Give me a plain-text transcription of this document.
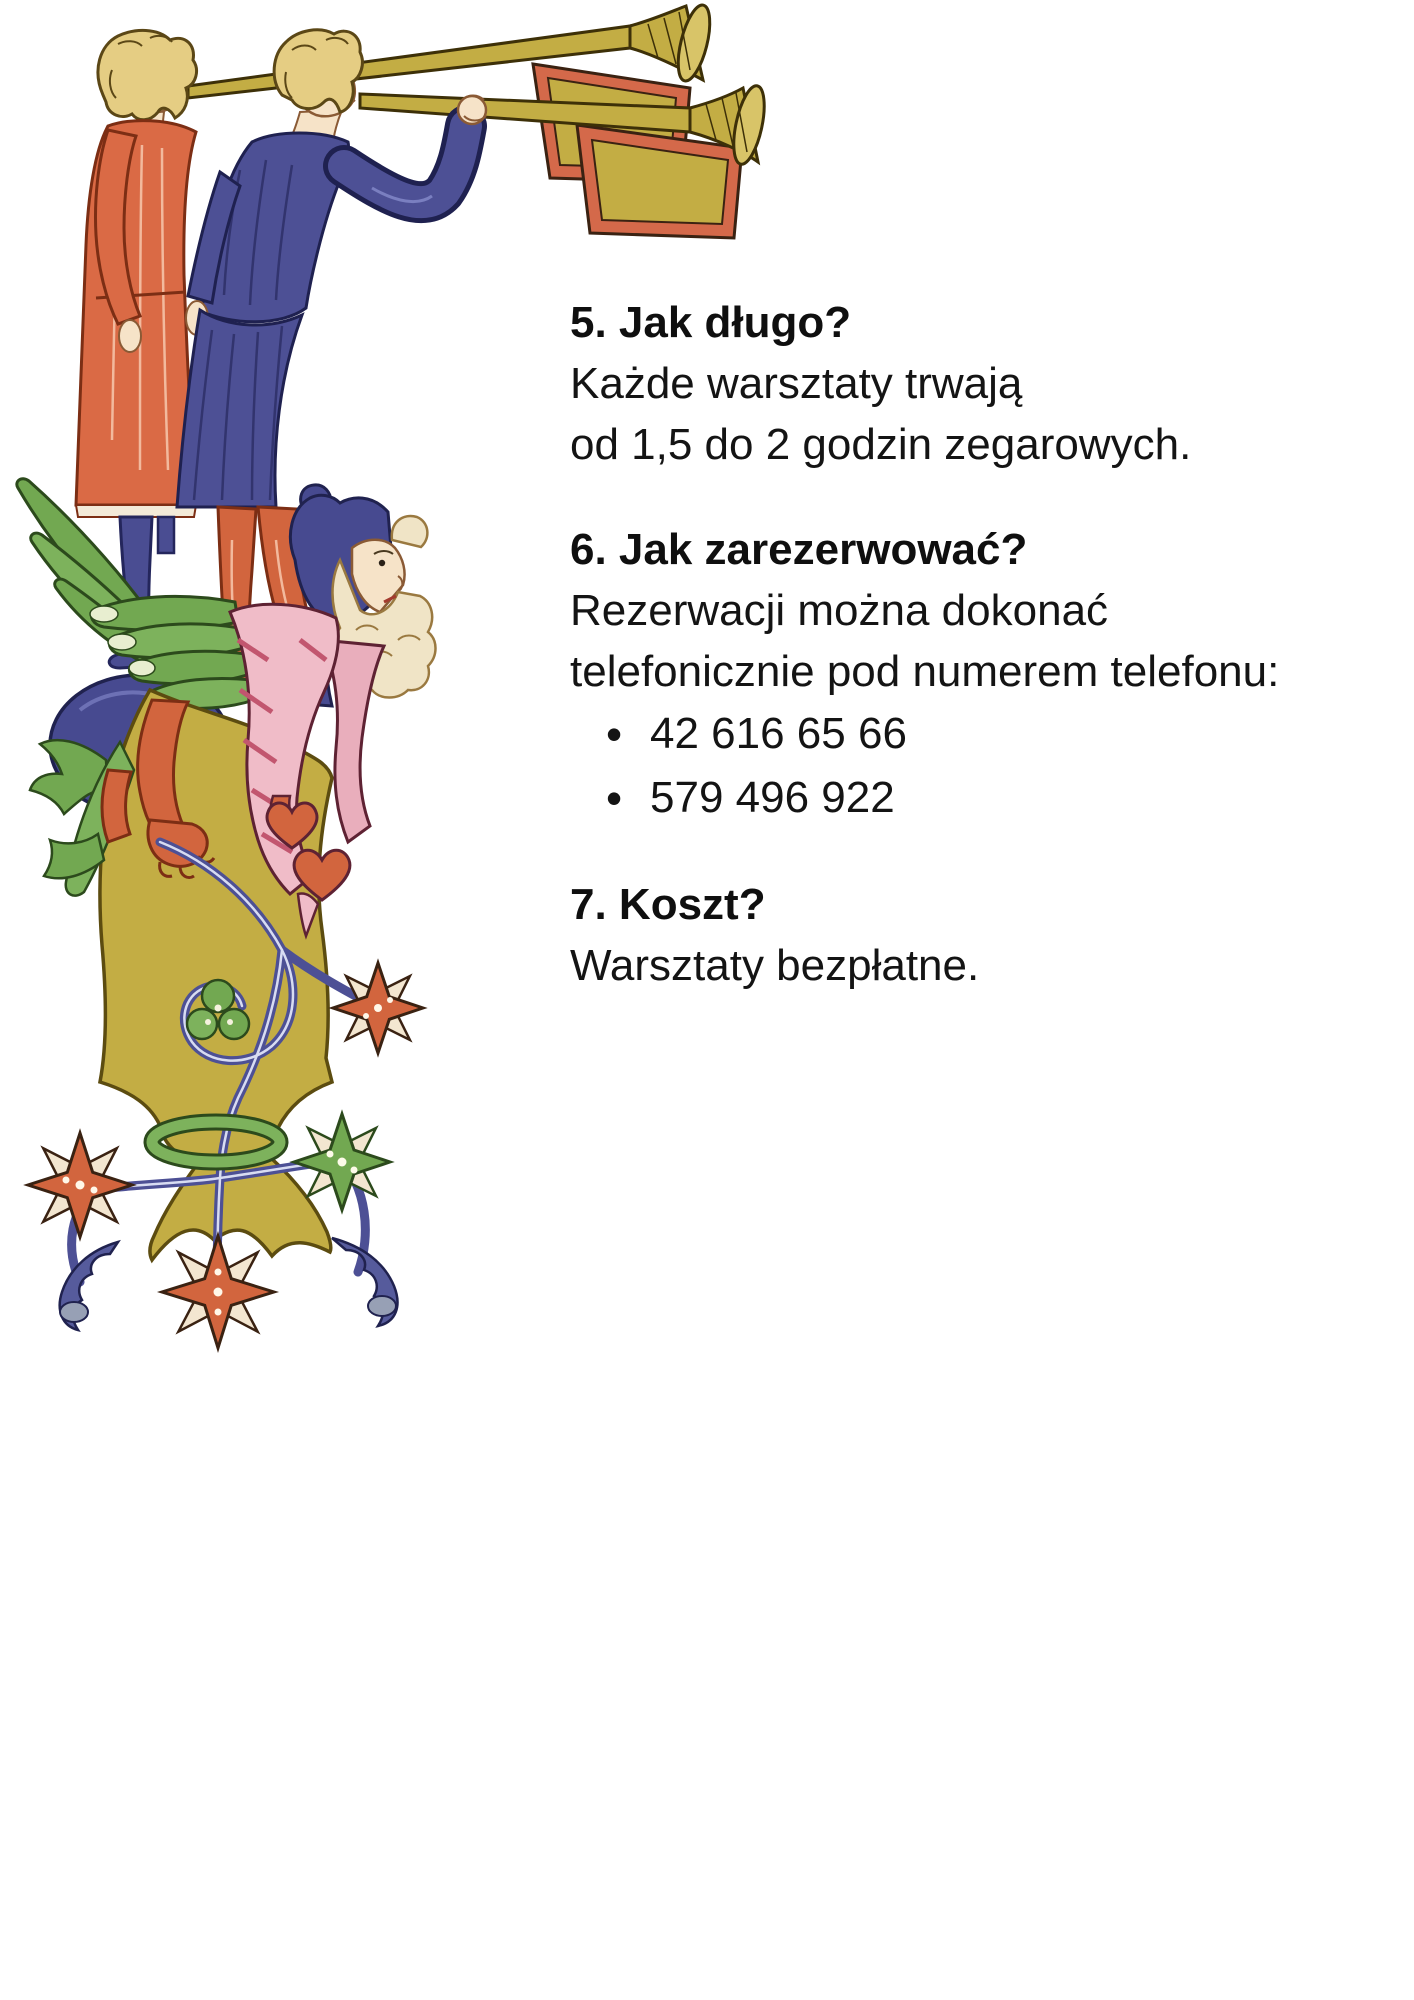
5. Jak długo?

Każde warsztaty trwają

od 1,5 do 2 godzin zegarowych.

6. Jak zarezerwować?

Rezerwacji można dokonać

telefonicznie pod numerem telefonu:

• 42 616 65 66
• 579 496 922
7. Koszt?

Warsztaty bezpłatne.
